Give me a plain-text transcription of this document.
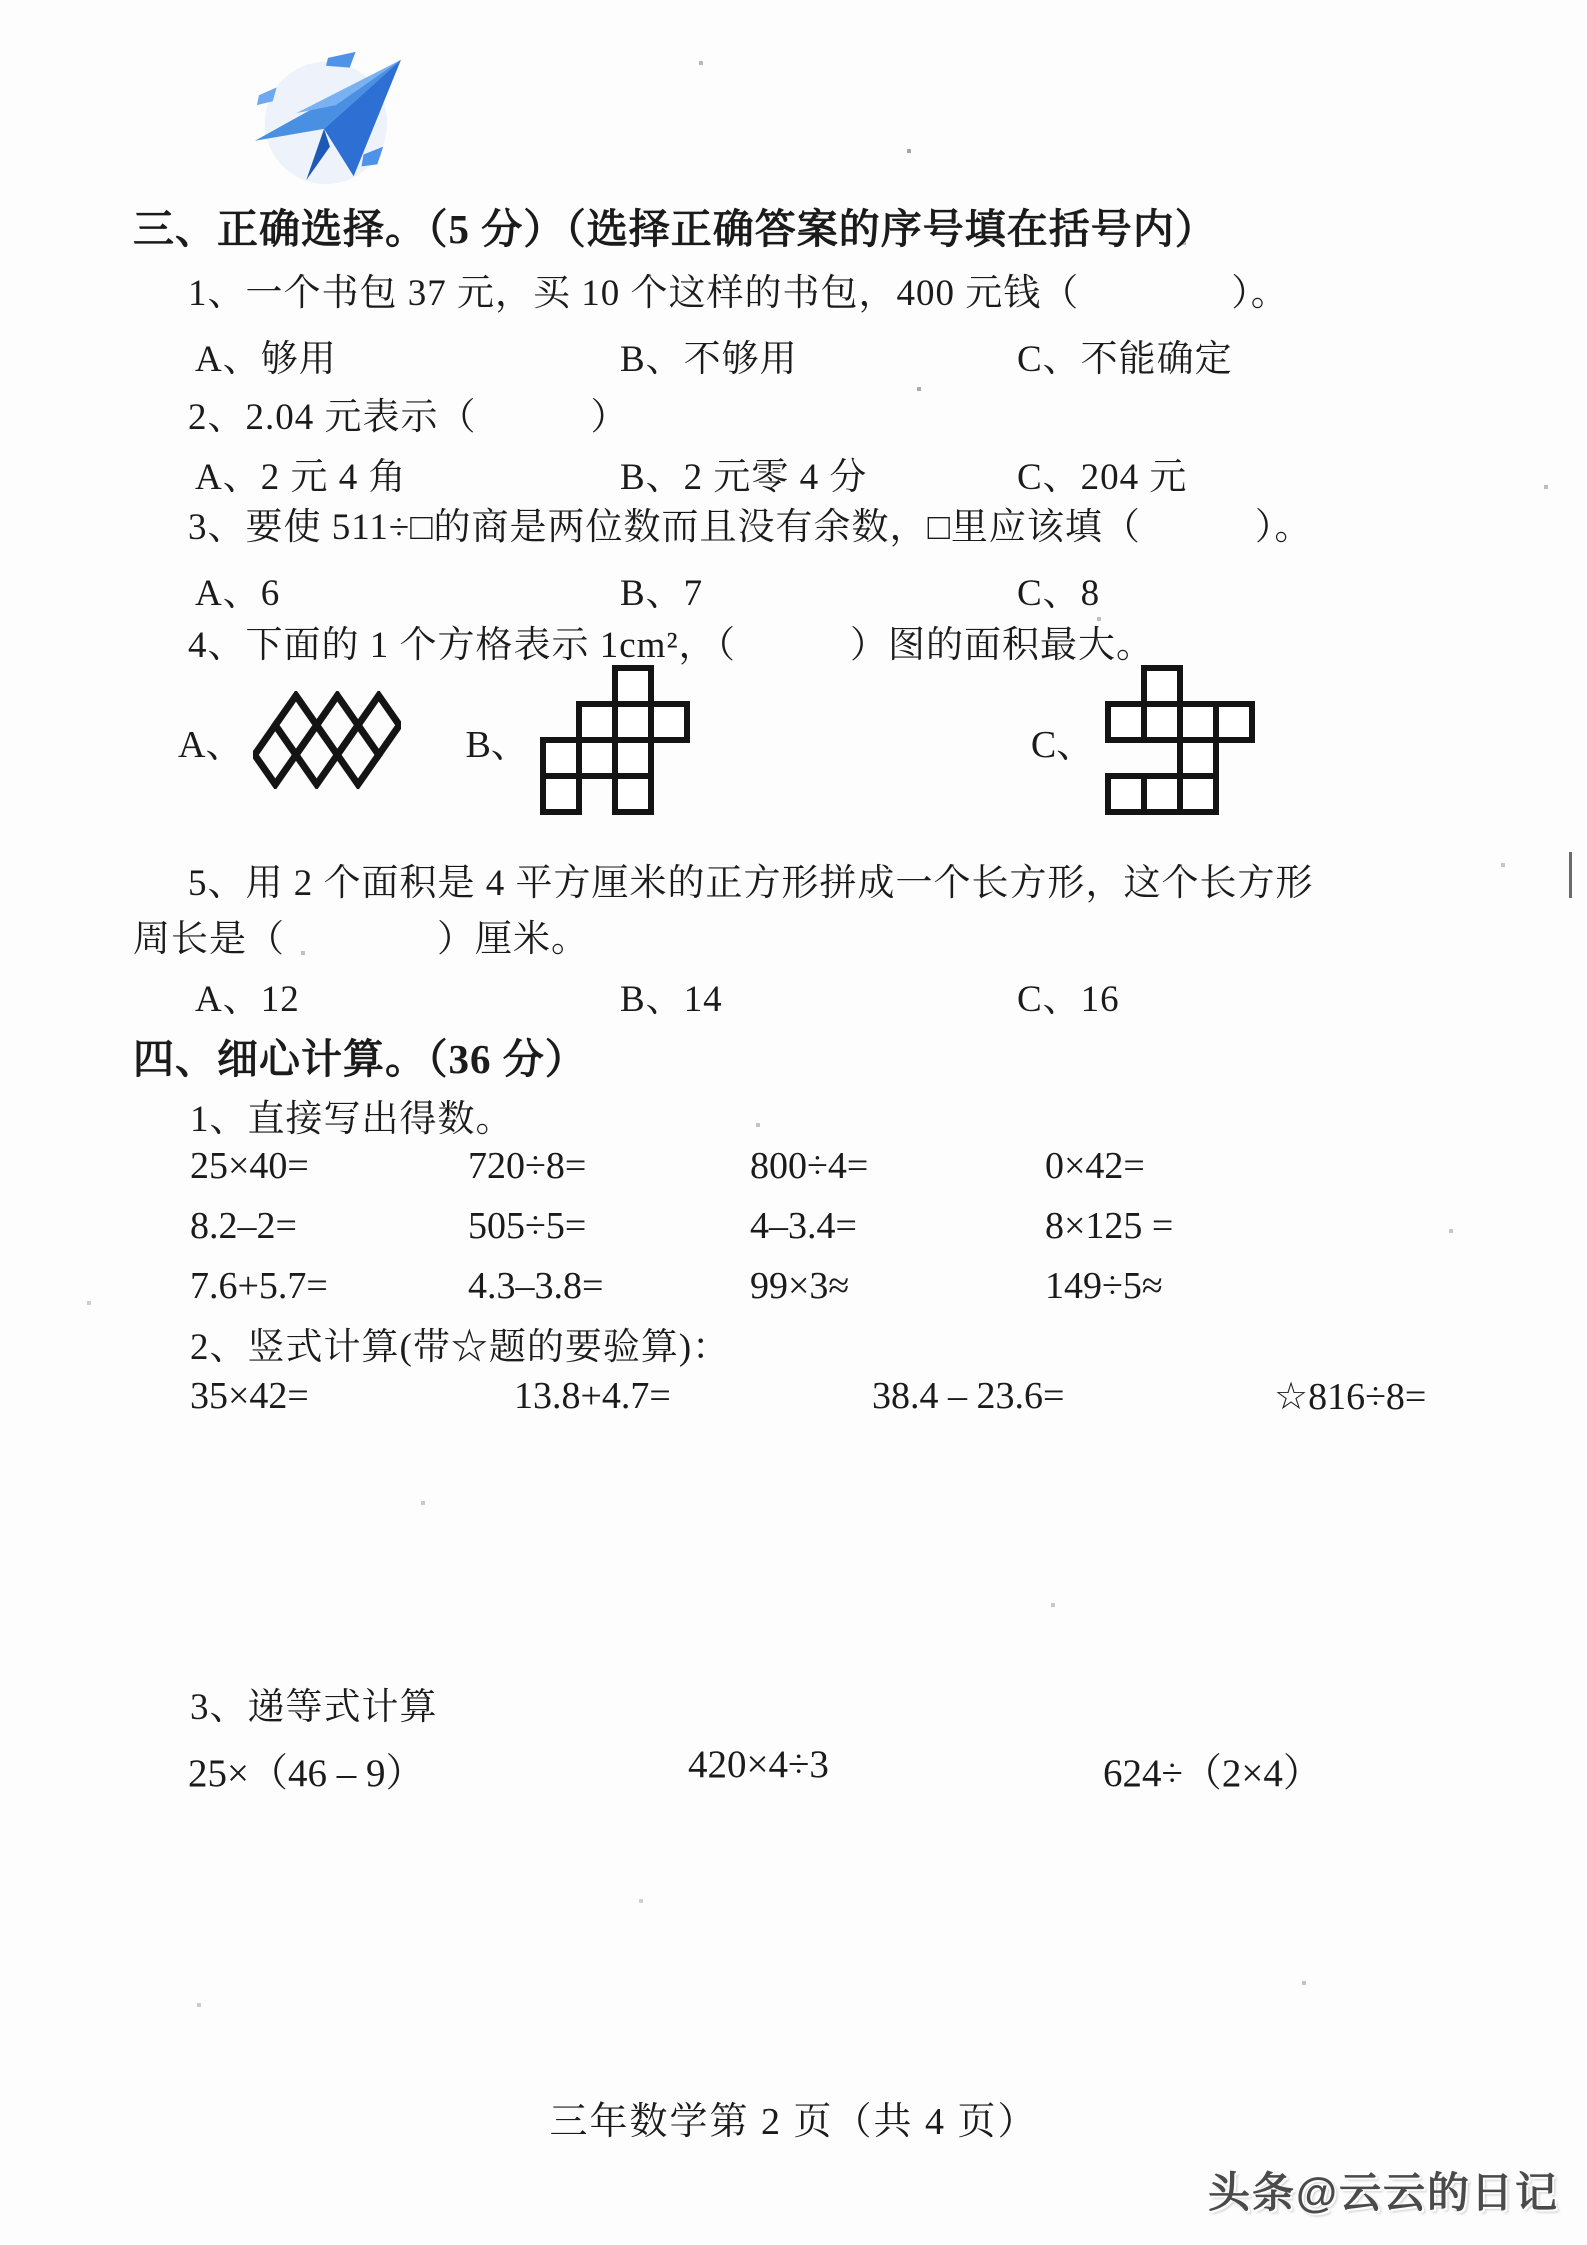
三、正确选择。（5 分）（选择正确答案的序号填在括号内）
1、一个书包 37 元，买 10 个这样的书包，400 元钱（　　　　）。
A、够用	B、不够用	C、不能确定
2、2.04 元表示（　　　）
A、2 元 4 角	B、2 元零 4 分	C、204 元
3、要使 511÷□的商是两位数而且没有余数，□里应该填（　　　）。
A、6	B、7	C、8
4、下面的 1 个方格表示 1cm²，（　　　）图的面积最大。
A、	B、	C、
5、用 2 个面积是 4 平方厘米的正方形拼成一个长方形，这个长方形
周长是（　　　　）厘米。
A、12	B、14	C、16
四、细心计算。（36 分）
1、直接写出得数。
25×40=	720÷8=	800÷4=	0×42=
8.2–2=	505÷5=	4–3.4=	8×125 =
7.6+5.7=	4.3–3.8=	99×3≈	149÷5≈
2、竖式计算(带☆题的要验算)：
35×42=	13.8+4.7=	38.4 – 23.6=	☆816÷8=
3、递等式计算
25×（46 – 9）	420×4÷3	624÷（2×4）
三年数学第 2 页（共 4 页）
头条@云云的日记
